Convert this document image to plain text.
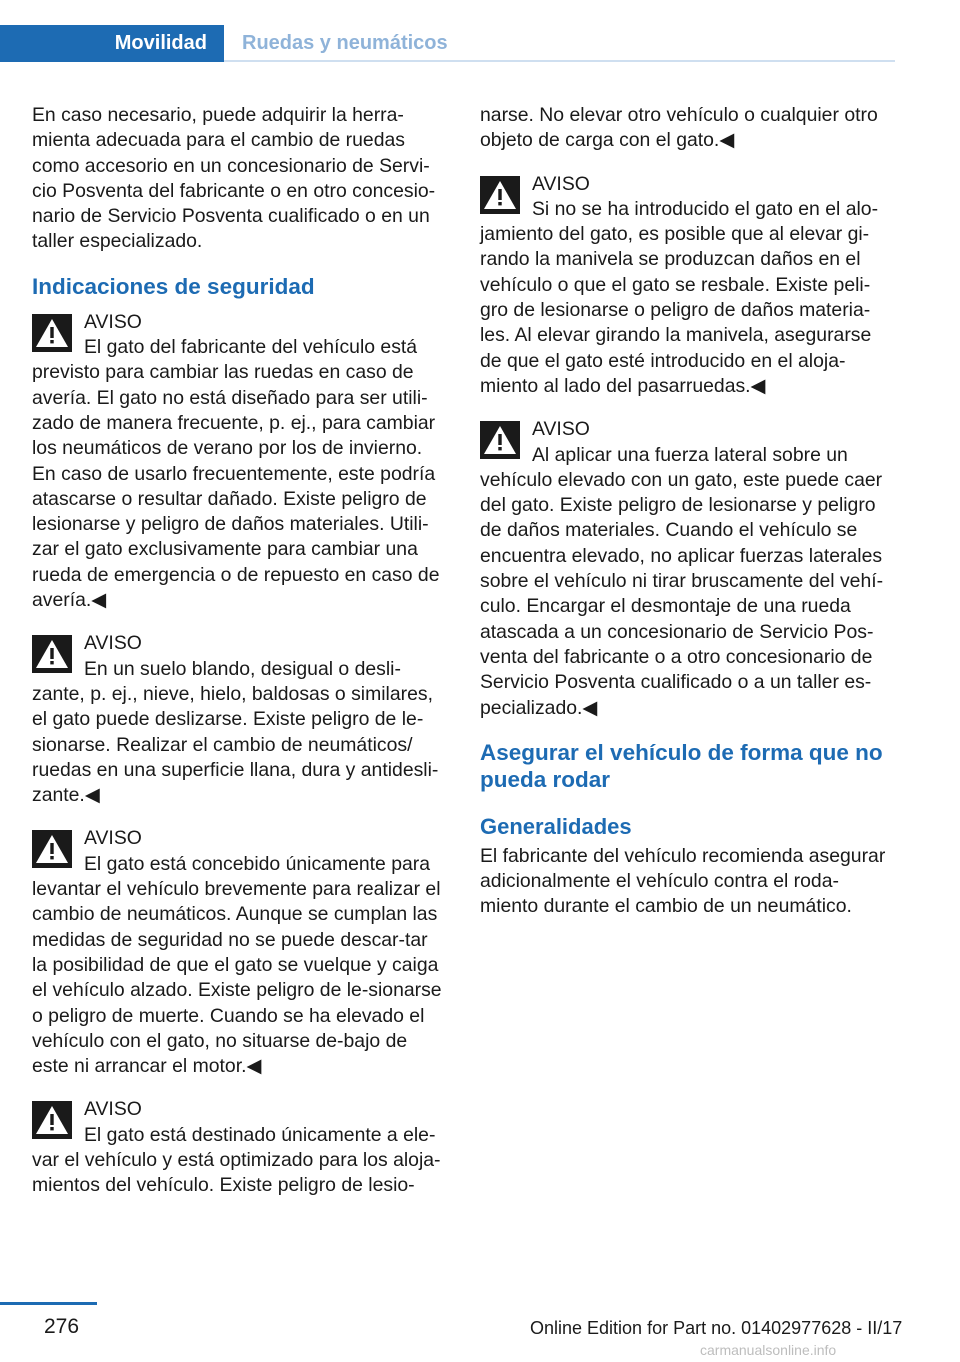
Movilidad	Ruedas y neumáticos

En caso necesario, puede adquirir la herra-mienta adecuada para el cambio de ruedas como accesorio en un concesionario de Servi-cio Posventa del fabricante o en otro concesio-nario de Servicio Posventa cualificado o en un taller especializado.

Indicaciones de seguridad
AVISO
El gato del fabricante del vehículo está previsto para cambiar las ruedas en caso de avería. El gato no está diseñado para ser utili-zado de manera frecuente, p. ej., para cambiar los neumáticos de verano por los de invierno. En caso de usarlo frecuentemente, este podría atascarse o resultar dañado. Existe peligro de lesionarse y peligro de daños materiales. Utili-zar el gato exclusivamente para cambiar una rueda de emergencia o de repuesto en caso de avería.◀
AVISO
En un suelo blando, desigual o desli-zante, p. ej., nieve, hielo, baldosas o similares, el gato puede deslizarse. Existe peligro de le-sionarse. Realizar el cambio de neumáticos/ ruedas en una superficie llana, dura y antidesli-zante.◀
AVISO
El gato está concebido únicamente para levantar el vehículo brevemente para realizar el cambio de neumáticos. Aunque se cumplan las medidas de seguridad no se puede descar-tar la posibilidad de que el gato se vuelque y caiga el vehículo alzado. Existe peligro de le-sionarse o peligro de muerte. Cuando se ha elevado el vehículo con el gato, no situarse de-bajo de este ni arrancar el motor.◀
AVISO
El gato está destinado únicamente a ele-var el vehículo y está optimizado para los aloja-mientos del vehículo. Existe peligro de lesio-

narse. No elevar otro vehículo o cualquier otro objeto de carga con el gato.◀

AVISO
Si no se ha introducido el gato en el alo-jamiento del gato, es posible que al elevar gi-rando la manivela se produzcan daños en el vehículo o que el gato se resbale. Existe peli-gro de lesionarse o peligro de daños materia-les. Al elevar girando la manivela, asegurarse de que el gato esté introducido en el aloja-miento al lado del pasarruedas.◀
AVISO
Al aplicar una fuerza lateral sobre un vehículo elevado con un gato, este puede caer del gato. Existe peligro de lesionarse y peligro de daños materiales. Cuando el vehículo se encuentra elevado, no aplicar fuerzas laterales sobre el vehículo ni tirar bruscamente del vehí-culo. Encargar el desmontaje de una rueda atascada a un concesionario de Servicio Pos-venta del fabricante o a otro concesionario de Servicio Posventa cualificado o a un taller es-pecializado.◀
Asegurar el vehículo de forma que no pueda rodar
Generalidades

El fabricante del vehículo recomienda asegurar adicionalmente el vehículo contra el roda-miento durante el cambio de un neumático.

276	Online Edition for Part no. 01402977628 - II/17
carmanualsonline.info
